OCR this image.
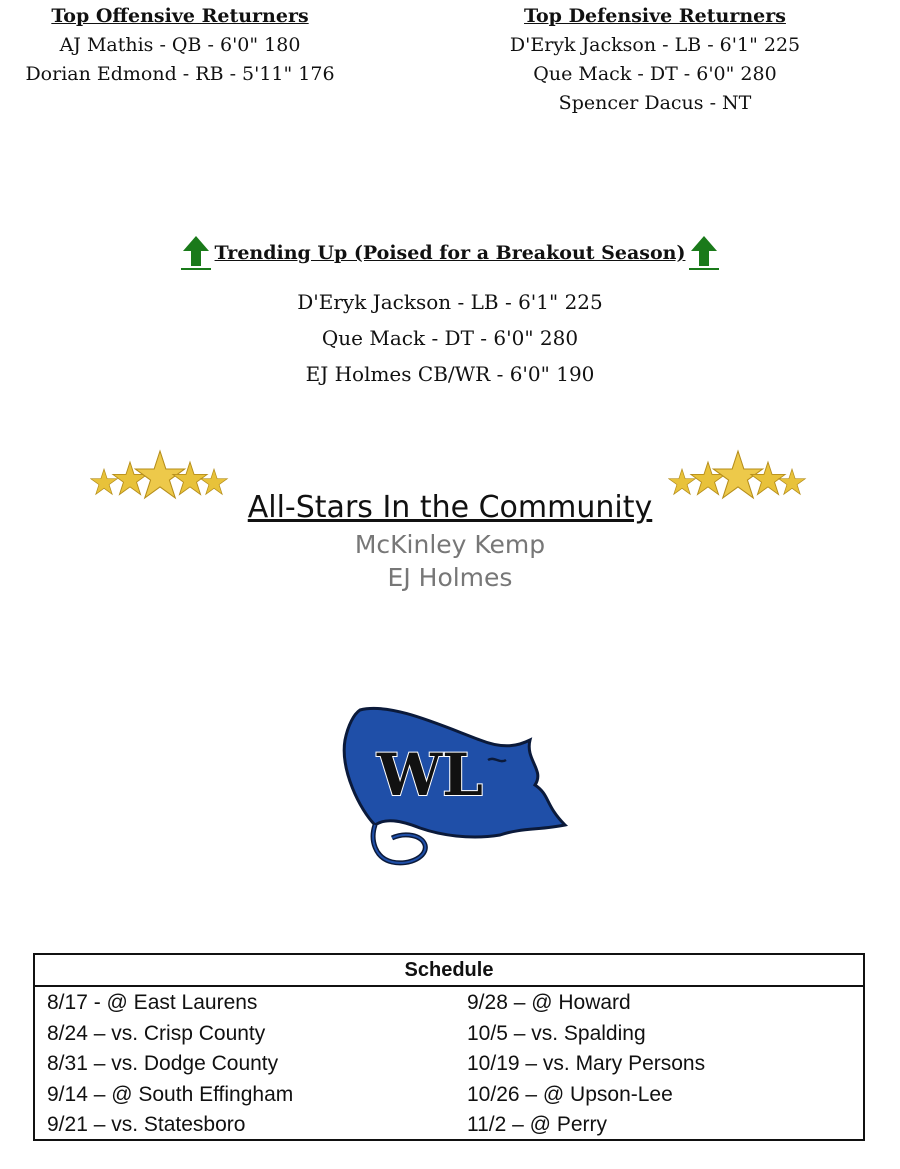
Top Offensive Returners
AJ Mathis - QB - 6'0" 180
Dorian Edmond - RB - 5'11" 176
Top Defensive Returners
D'Eryk Jackson - LB - 6'1" 225
Que Mack - DT - 6'0" 280
Spencer Dacus - NT
Trending Up (Poised for a Breakout Season)
D'Eryk Jackson - LB - 6'1" 225
Que Mack - DT - 6'0" 280
EJ Holmes CB/WR - 6'0" 190
All-Stars In the Community
McKinley Kemp
EJ Holmes
WL
Schedule
8/17 - @ East Laurens
8/24 – vs. Crisp County
8/31 – vs. Dodge County
9/14 – @ South Effingham
9/21 – vs. Statesboro
9/28 – @ Howard
10/5 – vs. Spalding
10/19 – vs. Mary Persons
10/26 – @ Upson-Lee
11/2 – @ Perry
